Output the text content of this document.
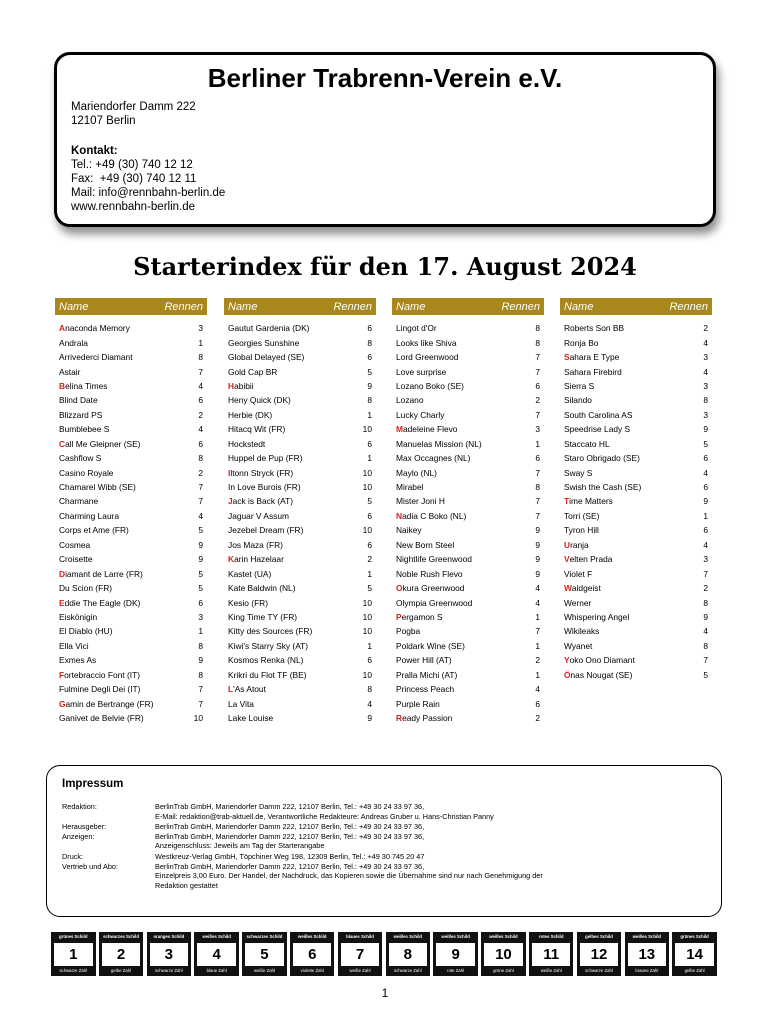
Berliner Trabrenn-Verein e.V.
Mariendorfer Damm 222
12107 Berlin
Kontakt:
Tel.: +49 (30) 740 12 12
Fax:  +49 (30) 740 12 11
Mail: info@rennbahn-berlin.de
www.rennbahn-berlin.de
Starterindex für den 17. August 2024
Name	Rennen
Anaconda Memory	3
Andrala	1
Arrivederci Diamant	8
Astair	7
Belina Times	4
Blind Date	6
Blizzard PS	2
Bumblebee S	4
Call Me Gleipner (SE)	6
Cashflow S	8
Casino Royale	2
Chamarel Wibb (SE)	7
Charmane	7
Charming Laura	4
Corps et Ame (FR)	5
Cosmea	9
Croisette	9
Diamant de Larre (FR)	5
Du Scion (FR)	5
Eddie The Eagle (DK)	6
Eiskönigin	3
El Diablo (HU)	1
Ella Vici	8
Exmes As	9
Fortebraccio Font (IT)	8
Fulmine Degli Dei (IT)	7
Gamin de Bertrange (FR)	7
Ganivet de Belvie (FR)	10
Name	Rennen
Gautut Gardenia (DK)	6
Georgies Sunshine	8
Global Delayed (SE)	6
Gold Cap BR	5
Habibii	9
Heny Quick (DK)	8
Herbie (DK)	1
Hitacq Wit (FR)	10
Hockstedt	6
Huppel de Pup (FR)	1
Iltonn Stryck (FR)	10
In Love Burois (FR)	10
Jack is Back (AT)	5
Jaguar V Assum	6
Jezebel Dream (FR)	10
Jos Maza (FR)	6
Karin Hazelaar	2
Kastet (UA)	1
Kate Baldwin (NL)	5
Kesio (FR)	10
King Time TY (FR)	10
Kitty des Sources (FR)	10
Kiwi's Starry Sky (AT)	1
Kosmos Renka (NL)	6
Krikri du Flot TF (BE)	10
L'As Atout	8
La Vita	4
Lake Louise	9
Name	Rennen
Lingot d'Or	8
Looks like Shiva	8
Lord Greenwood	7
Love surprise	7
Lozano Boko (SE)	6
Lozano	2
Lucky Charly	7
Madeleine Flevo	3
Manuelas Mission (NL)	1
Max Occagnes (NL)	6
Maylo (NL)	7
Mirabel	8
Mister Joni H	7
Nadia C Boko (NL)	7
Naikey	9
New Born Steel	9
Nightlife Greenwood	9
Noble Rush Flevo	9
Okura Greenwood	4
Olympia Greenwood	4
Pergamon S	1
Pogba	7
Poldark Wine (SE)	1
Power Hill (AT)	2
Pralla Michi (AT)	1
Princess Peach	4
Purple Rain	6
Ready Passion	2
Name	Rennen
Roberts Son BB	2
Ronja Bo	4
Sahara E Type	3
Sahara Firebird	4
Sierra S	3
Silando	8
South Carolina AS	3
Speedrise Lady S	9
Staccato HL	5
Staro Obrigado (SE)	6
Sway S	4
Swish the Cash (SE)	6
Time Matters	9
Torri (SE)	1
Tyron Hill	6
Uranja	4
Velten Prada	3
Violet F	7
Waldgeist	2
Werner	8
Whispering Angel	9
Wikileaks	4
Wyanet	8
Yoko Ono Diamant	7
Önas Nougat (SE)	5
Impressum
Redaktion:	BerlinTrab GmbH, Mariendorfer Damm 222, 12107 Berlin, Tel.: +49 30 24 33 97 36,
E-Mail: redaktion@trab-aktuell.de, Verantwortliche Redakteure: Andreas Gruber u. Hans-Christian Panny
Herausgeber:	BerlinTrab GmbH, Mariendorfer Damm 222, 12107 Berlin, Tel.: +49 30 24 33 97 36,
Anzeigen:	BerlinTrab GmbH, Mariendorfer Damm 222, 12107 Berlin, Tel.: +49 30 24 33 97 36,
Anzeigenschluss: Jeweils am Tag der Starterangabe
Druck:	Westkreuz-Verlag GmbH, Töpchiner Weg 198, 12309 Berlin, Tel.: +49 30 745 20 47
Vertrieb und Abo:	BerlinTrab GmbH, Mariendorfer Damm 222, 12107 Berlin, Tel.: +49 30 24 33 97 36,
Einzelpreis 3,00 Euro. Der Handel, der Nachdruck, das Kopieren sowie die Übernahme sind nur nach Genehmigung der
Redaktion gestattet
grünes Schild
1
schwarze Zahl
schwarzes Schild
2
gelbe Zahl
oranges Schild
3
schwarze Zahl
weißes Schild
4
blaue Zahl
schwarzes Schild
5
weiße Zahl
weißes Schild
6
violette Zahl
blaues Schild
7
weiße Zahl
weißes Schild
8
schwarze Zahl
weißes Schild
9
rote Zahl
weißes Schild
10
grüne Zahl
rotes Schild
11
weiße Zahl
gelbes Schild
12
schwarze Zahl
weißes Schild
13
braune Zahl
grünes Schild
14
gelbe Zahl
1
